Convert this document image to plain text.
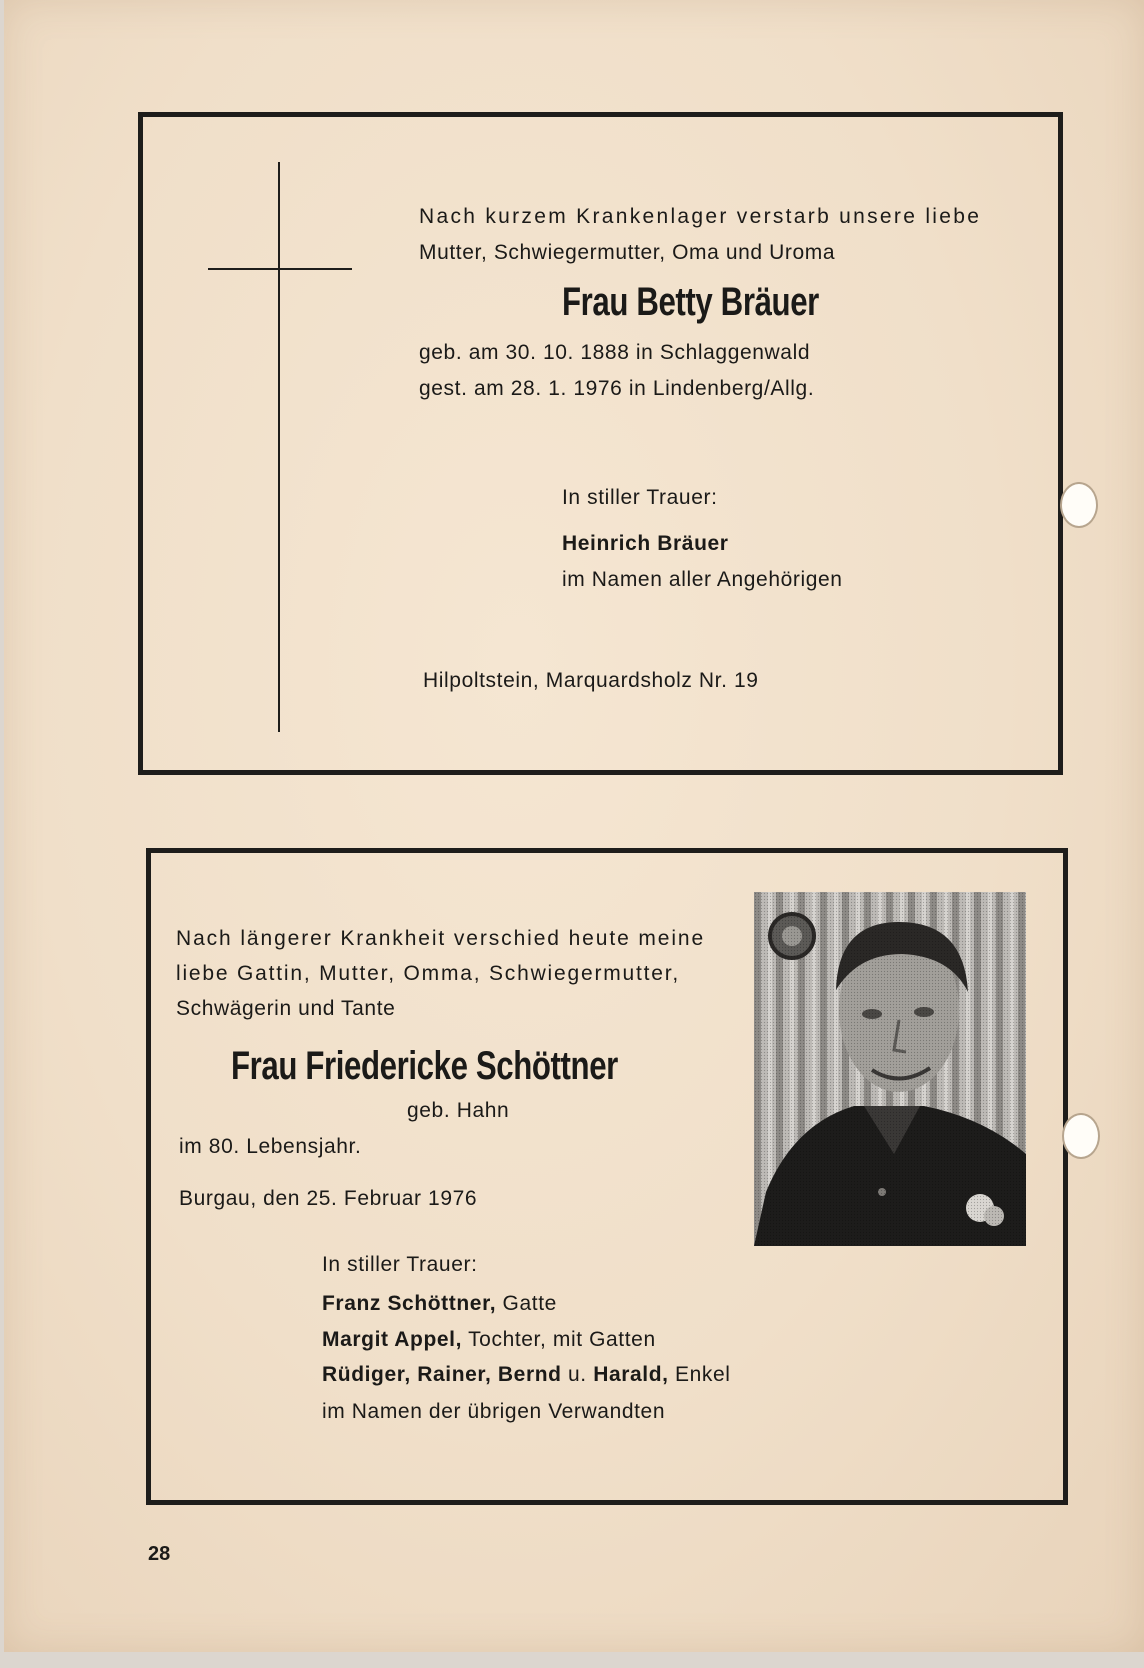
Nach kurzem Krankenlager verstarb unsere liebe
Mutter, Schwiegermutter, Oma und Uroma
Frau Betty Bräuer
geb. am 30. 10. 1888 in Schlaggenwald
gest. am 28. 1. 1976 in Lindenberg/Allg.
In stiller Trauer:
Heinrich Bräuer
im Namen aller Angehörigen
Hilpoltstein, Marquardsholz Nr. 19
Nach längerer Krankheit verschied heute meine
liebe Gattin, Mutter, Omma, Schwiegermutter,
Schwägerin und Tante
Frau Friedericke Schöttner
geb. Hahn
im 80. Lebensjahr.
Burgau, den 25. Februar 1976
In stiller Trauer:
Franz Schöttner, Gatte
Margit Appel, Tochter, mit Gatten
Rüdiger, Rainer, Bernd u. Harald, Enkel
im Namen der übrigen Verwandten
28
